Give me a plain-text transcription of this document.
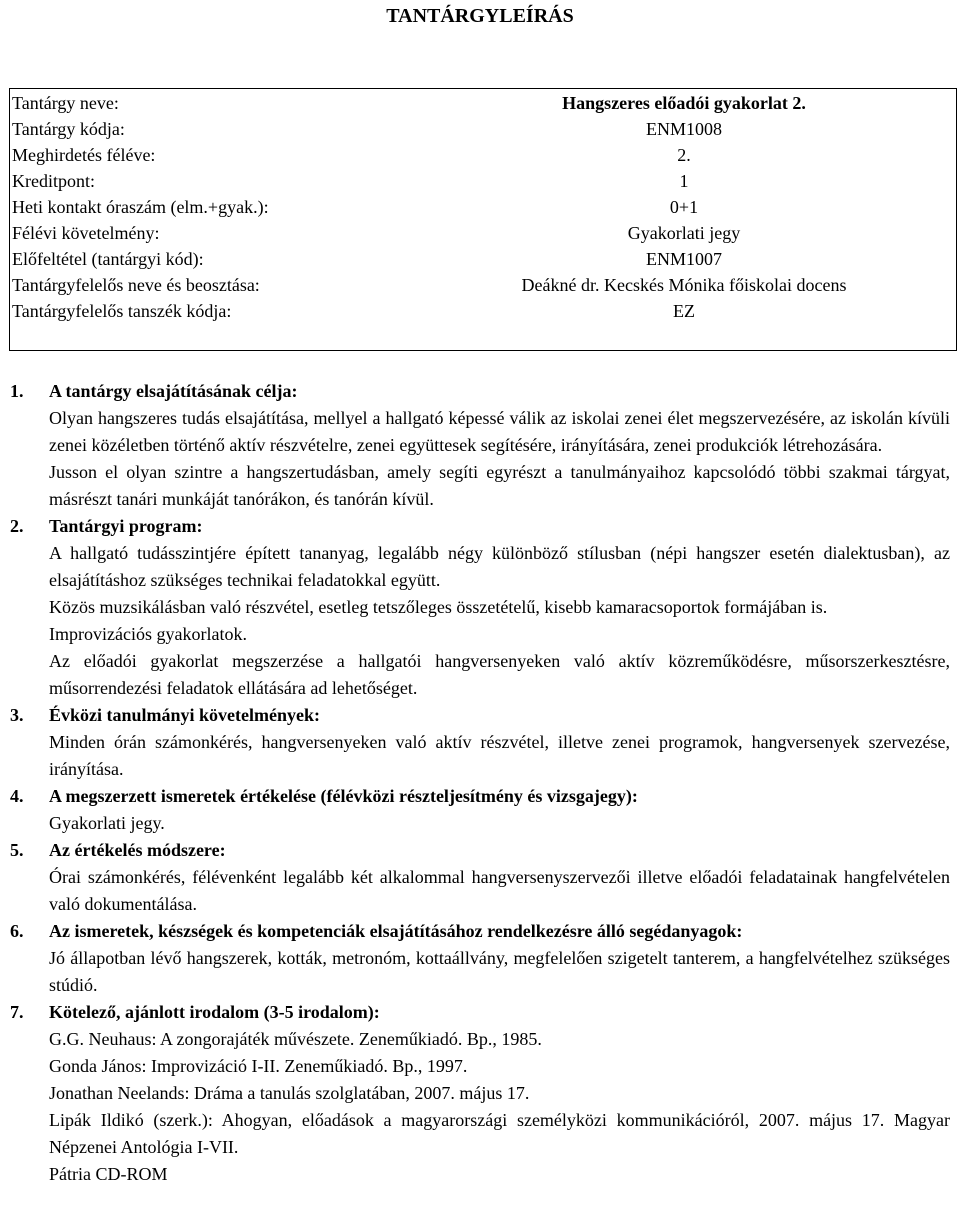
TANTÁRGYLEÍRÁS
Tantárgy neve:	Hangszeres előadói gyakorlat 2.
Tantárgy kódja:	ENM1008
Meghirdetés féléve:	2.
Kreditpont:	1
Heti kontakt óraszám (elm.+gyak.):	0+1
Félévi követelmény:	Gyakorlati jegy
Előfeltétel (tantárgyi kód):	ENM1007
Tantárgyfelelős neve és beosztása:	Deákné dr. Kecskés Mónika főiskolai docens
Tantárgyfelelős tanszék kódja:	EZ
1. A tantárgy elsajátításának célja:
Olyan hangszeres tudás elsajátítása, mellyel a hallgató képessé válik az iskolai zenei élet megszervezésére, az iskolán kívüli zenei közéletben történő aktív részvételre, zenei együttesek segítésére, irányítására, zenei produkciók létrehozására.
Jusson el olyan szintre a hangszertudásban, amely segíti egyrészt a tanulmányaihoz kapcsolódó többi szakmai tárgyat, másrészt tanári munkáját tanórákon, és tanórán kívül.
2. Tantárgyi program:
A hallgató tudásszintjére épített tananyag, legalább négy különböző stílusban (népi hangszer esetén dialektusban), az elsajátításhoz szükséges technikai feladatokkal együtt.
Közös muzsikálásban való részvétel, esetleg tetszőleges összetételű, kisebb kamaracsoportok formájában is.
Improvizációs gyakorlatok.
Az előadói gyakorlat megszerzése a hallgatói hangversenyeken való aktív közreműködésre, műsorszerkesztésre, műsorrendezési feladatok ellátására ad lehetőséget.
3. Évközi tanulmányi követelmények:
Minden órán számonkérés, hangversenyeken való aktív részvétel, illetve zenei programok, hangversenyek szervezése, irányítása.
4. A megszerzett ismeretek értékelése (félévközi részteljesítmény és vizsgajegy):
Gyakorlati jegy.
5. Az értékelés módszere:
Órai számonkérés, félévenként legalább két alkalommal hangversenyszervezői illetve előadói feladatainak hangfelvételen való dokumentálása.
6. Az ismeretek, készségek és kompetenciák elsajátításához rendelkezésre álló segédanyagok:
Jó állapotban lévő hangszerek, kották, metronóm, kottaállvány, megfelelően szigetelt tanterem, a hangfelvételhez szükséges stúdió.
7. Kötelező, ajánlott irodalom (3-5 irodalom):
G.G. Neuhaus: A zongorajáték művészete. Zeneműkiadó. Bp., 1985.
Gonda János: Improvizáció I-II. Zeneműkiadó. Bp., 1997.
Jonathan Neelands: Dráma a tanulás szolglatában, 2007. május 17.
Lipák Ildikó (szerk.): Ahogyan, előadások a magyarországi személyközi kommunikációról, 2007. május 17. Magyar Népzenei Antológia I-VII.
Pátria CD-ROM
